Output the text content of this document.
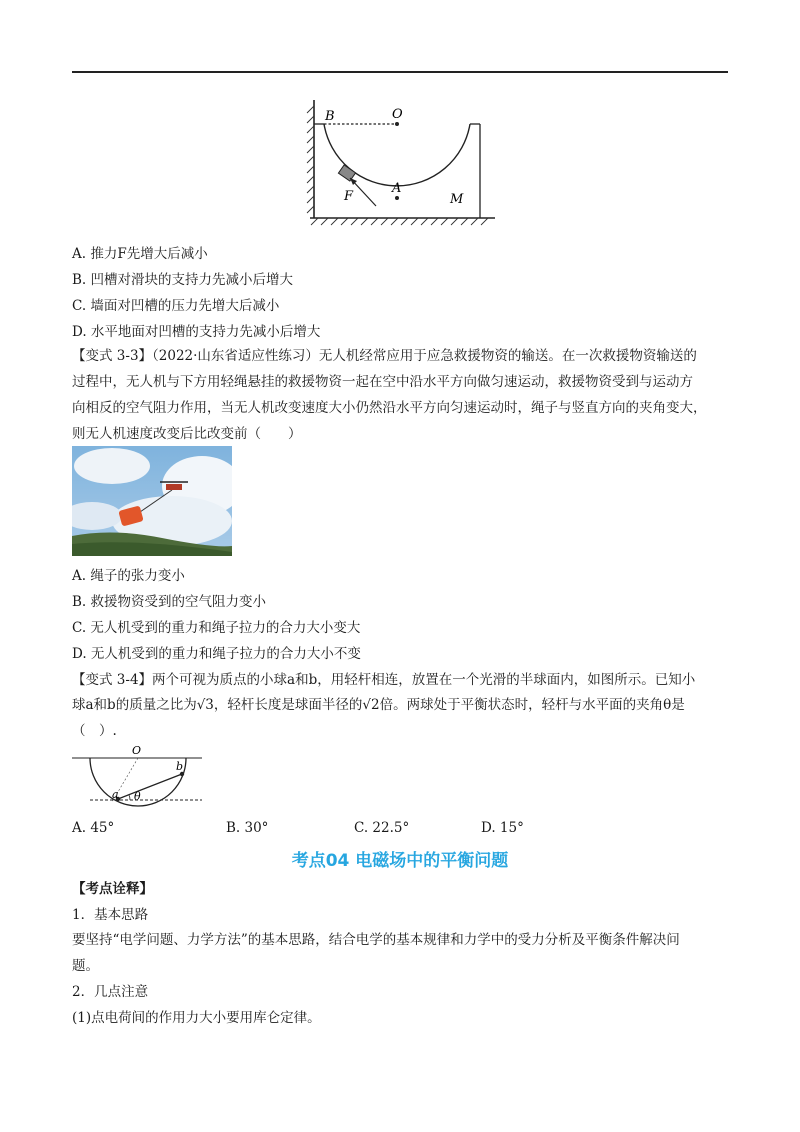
B	O
F
A
M
A. 推力F先增大后减小
B. 凹槽对滑块的支持力先减小后增大
C. 墙面对凹槽的压力先增大后减小
D. 水平地面对凹槽的支持力先减小后增大
【变式 3-3】（2022·山东省适应性练习）无人机经常应用于应急救援物资的输送。在一次救援物资输送的
过程中，无人机与下方用轻绳悬挂的救援物资一起在空中沿水平方向做匀速运动，救援物资受到与运动方
向相反的空气阻力作用，当无人机改变速度大小仍然沿水平方向匀速运动时，绳子与竖直方向的夹角变大，
则无人机速度改变后比改变前（　　）
A. 绳子的张力变小
B. 救援物资受到的空气阻力变小
C. 无人机受到的重力和绳子拉力的合力大小变大
D. 无人机受到的重力和绳子拉力的合力大小不变
【变式 3-4】两个可视为质点的小球a和b，用轻杆相连，放置在一个光滑的半球面内，如图所示。已知小
球a和b的质量之比为√3，轻杆长度是球面半径的√2倍。两球处于平衡状态时，轻杆与水平面的夹角θ是
（　）.
O
a
b
θ
A. 45°	B. 30°	C. 22.5°	D. 15°
考点04 电磁场中的平衡问题
【考点诠释】
1．基本思路
要坚持“电学问题、力学方法”的基本思路，结合电学的基本规律和力学中的受力分析及平衡条件解决问
题。
2．几点注意
(1)点电荷间的作用力大小要用库仑定律。
